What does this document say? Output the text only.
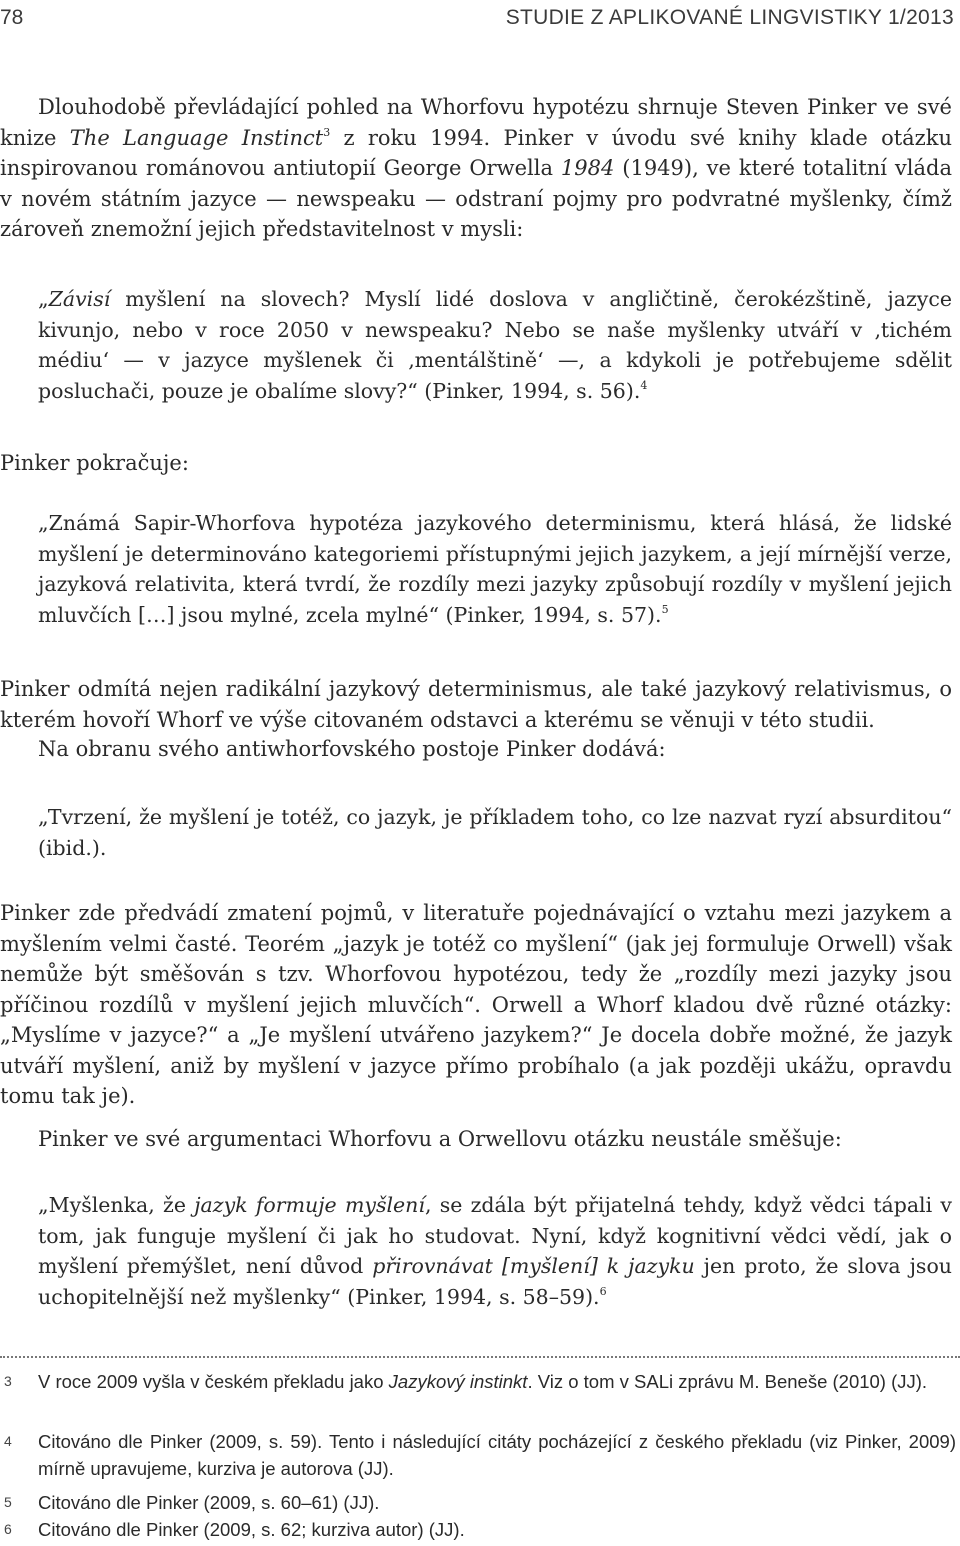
78	STUDIE Z APLIKOVANÉ LINGVISTIKY 1/2013

Dlouhodobě převládající pohled na Whorfovu hypotézu shrnuje Steven Pinker ve své knize The Language Instinct$^3$ z roku 1994. Pinker v úvodu své knihy klade otázku inspirovanou románovou antiutopií George Orwella 1984 (1949), ve které totalitní vláda v novém státním jazyce — newspeaku — odstraní pojmy pro podvratné myšlenky, čímž zároveň znemožní jejich představitelnost v mysli:

„Závisí myšlení na slovech? Myslí lidé doslova v angličtině, čerokézštině, jazyce kivunjo, nebo v roce 2050 v newspeaku? Nebo se naše myšlenky utváří v ‚tichém médiu‘ — v jazyce myšlenek či ‚mentálštině‘ —, a kdykoli je potřebujeme sdělit posluchači, pouze je obalíme slovy?“ (Pinker, 1994, s. 56).$^4$

Pinker pokračuje:

„Známá Sapir-Whorfova hypotéza jazykového determinismu, která hlásá, že lidské myšlení je determinováno kategoriemi přístupnými jejich jazykem, a její mírnější verze, jazyková relativita, která tvrdí, že rozdíly mezi jazyky způsobují rozdíly v myšlení jejich mluvčích […] jsou mylné, zcela mylné“ (Pinker, 1994, s. 57).$^5$

Pinker odmítá nejen radikální jazykový determinismus, ale také jazykový relativismus, o kterém hovoří Whorf ve výše citovaném odstavci a kterému se věnuji v této studii.

Na obranu svého antiwhorfovského postoje Pinker dodává:

„Tvrzení, že myšlení je totéž, co jazyk, je příkladem toho, co lze nazvat ryzí absurditou“ (ibid.).

Pinker zde předvádí zmatení pojmů, v literatuře pojednávající o vztahu mezi jazykem a myšlením velmi časté. Teorém „jazyk je totéž co myšlení“ (jak jej formuluje Orwell) však nemůže být směšován s tzv. Whorfovou hypotézou, tedy že „rozdíly mezi jazyky jsou příčinou rozdílů v myšlení jejich mluvčích“. Orwell a Whorf kladou dvě různé otázky: „Myslíme v jazyce?“ a „Je myšlení utvářeno jazykem?“ Je docela dobře možné, že jazyk utváří myšlení, aniž by myšlení v jazyce přímo probíhalo (a jak později ukážu, opravdu tomu tak je).

Pinker ve své argumentaci Whorfovu a Orwellovu otázku neustále směšuje:

„Myšlenka, že jazyk formuje myšlení, se zdála být přijatelná tehdy, když vědci tápali v tom, jak funguje myšlení či jak ho studovat. Nyní, když kognitivní vědci vědí, jak o myšlení přemýšlet, není důvod přirovnávat [myšlení] k jazyku jen proto, že slova jsou uchopitelnější než myšlenky“ (Pinker, 1994, s. 58–59).$^6$

3 V roce 2009 vyšla v českém překladu jako Jazykový instinkt. Viz o tom v SALi zprávu M. Beneše (2010) (JJ).
4 Citováno dle Pinker (2009, s. 59). Tento i následující citáty pocházející z českého překladu (viz Pinker, 2009) mírně upravujeme, kurziva je autorova (JJ).
5 Citováno dle Pinker (2009, s. 60–61) (JJ).
6 Citováno dle Pinker (2009, s. 62; kurziva autor) (JJ).
